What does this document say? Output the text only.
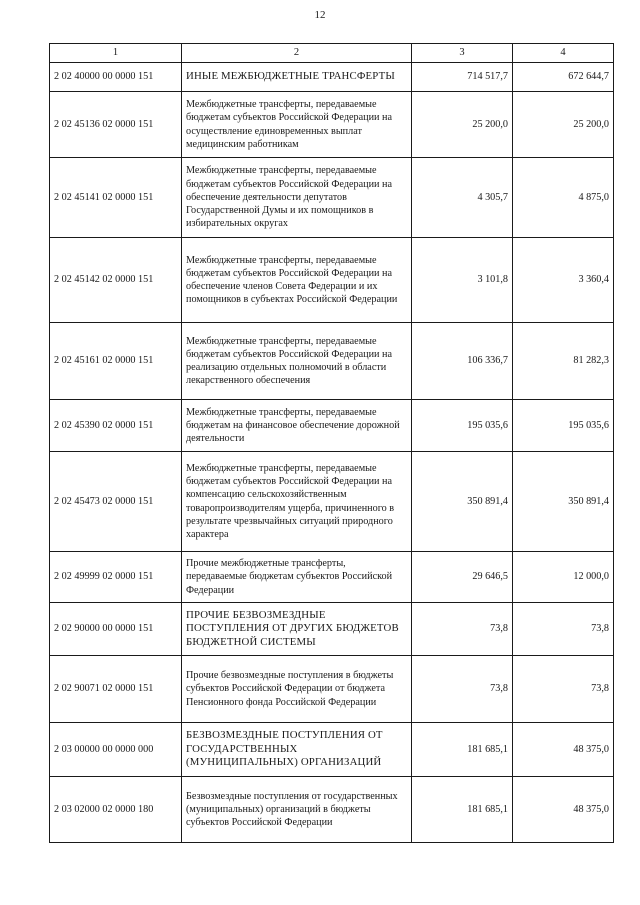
12
1	2	3	4
2 02 40000 00 0000 151	ИНЫЕ МЕЖБЮДЖЕТНЫЕ ТРАНСФЕРТЫ	714 517,7	672 644,7
2 02 45136 02 0000 151	Межбюджетные трансферты, передаваемые бюджетам субъектов Российской Федерации на осуществление единовременных выплат медицинским работникам	25 200,0	25 200,0
2 02 45141 02 0000 151	Межбюджетные трансферты, передаваемые бюджетам субъектов Российской Федерации на обеспечение деятельности депутатов Государственной Думы и их помощников в избирательных округах	4 305,7	4 875,0
2 02 45142 02 0000 151	Межбюджетные трансферты, передаваемые бюджетам субъектов Российской Федерации на обеспечение членов Совета Федерации и их помощников в субъектах Российской Федерации	3 101,8	3 360,4
2 02 45161 02 0000 151	Межбюджетные трансферты, передаваемые бюджетам субъектов Российской Федерации на реализацию отдельных полномочий в области лекарственного обеспечения	106 336,7	81 282,3
2 02 45390 02 0000 151	Межбюджетные трансферты, передаваемые бюджетам на финансовое обеспечение дорожной деятельности	195 035,6	195 035,6
2 02 45473 02 0000 151	Межбюджетные трансферты, передаваемые бюджетам субъектов Российской Федерации на компенсацию сельскохозяйственным товаропроизводителям ущерба, причиненного в результате чрезвычайных ситуаций природного характера	350 891,4	350 891,4
2 02 49999 02 0000 151	Прочие межбюджетные трансферты, передаваемые бюджетам субъектов Российской Федерации	29 646,5	12 000,0
2 02 90000 00 0000 151	ПРОЧИЕ БЕЗВОЗМЕЗДНЫЕ ПОСТУПЛЕНИЯ ОТ ДРУГИХ БЮДЖЕТОВ БЮДЖЕТНОЙ СИСТЕМЫ	73,8	73,8
2 02 90071 02 0000 151	Прочие безвозмездные поступления в бюджеты субъектов Российской Федерации от бюджета Пенсионного фонда Российской Федерации	73,8	73,8
2 03 00000 00 0000 000	БЕЗВОЗМЕЗДНЫЕ ПОСТУПЛЕНИЯ ОТ ГОСУДАРСТВЕННЫХ (МУНИЦИПАЛЬНЫХ) ОРГАНИЗАЦИЙ	181 685,1	48 375,0
2 03 02000 02 0000 180	Безвозмездные поступления от государственных (муниципальных) организаций в бюджеты субъектов Российской Федерации	181 685,1	48 375,0
